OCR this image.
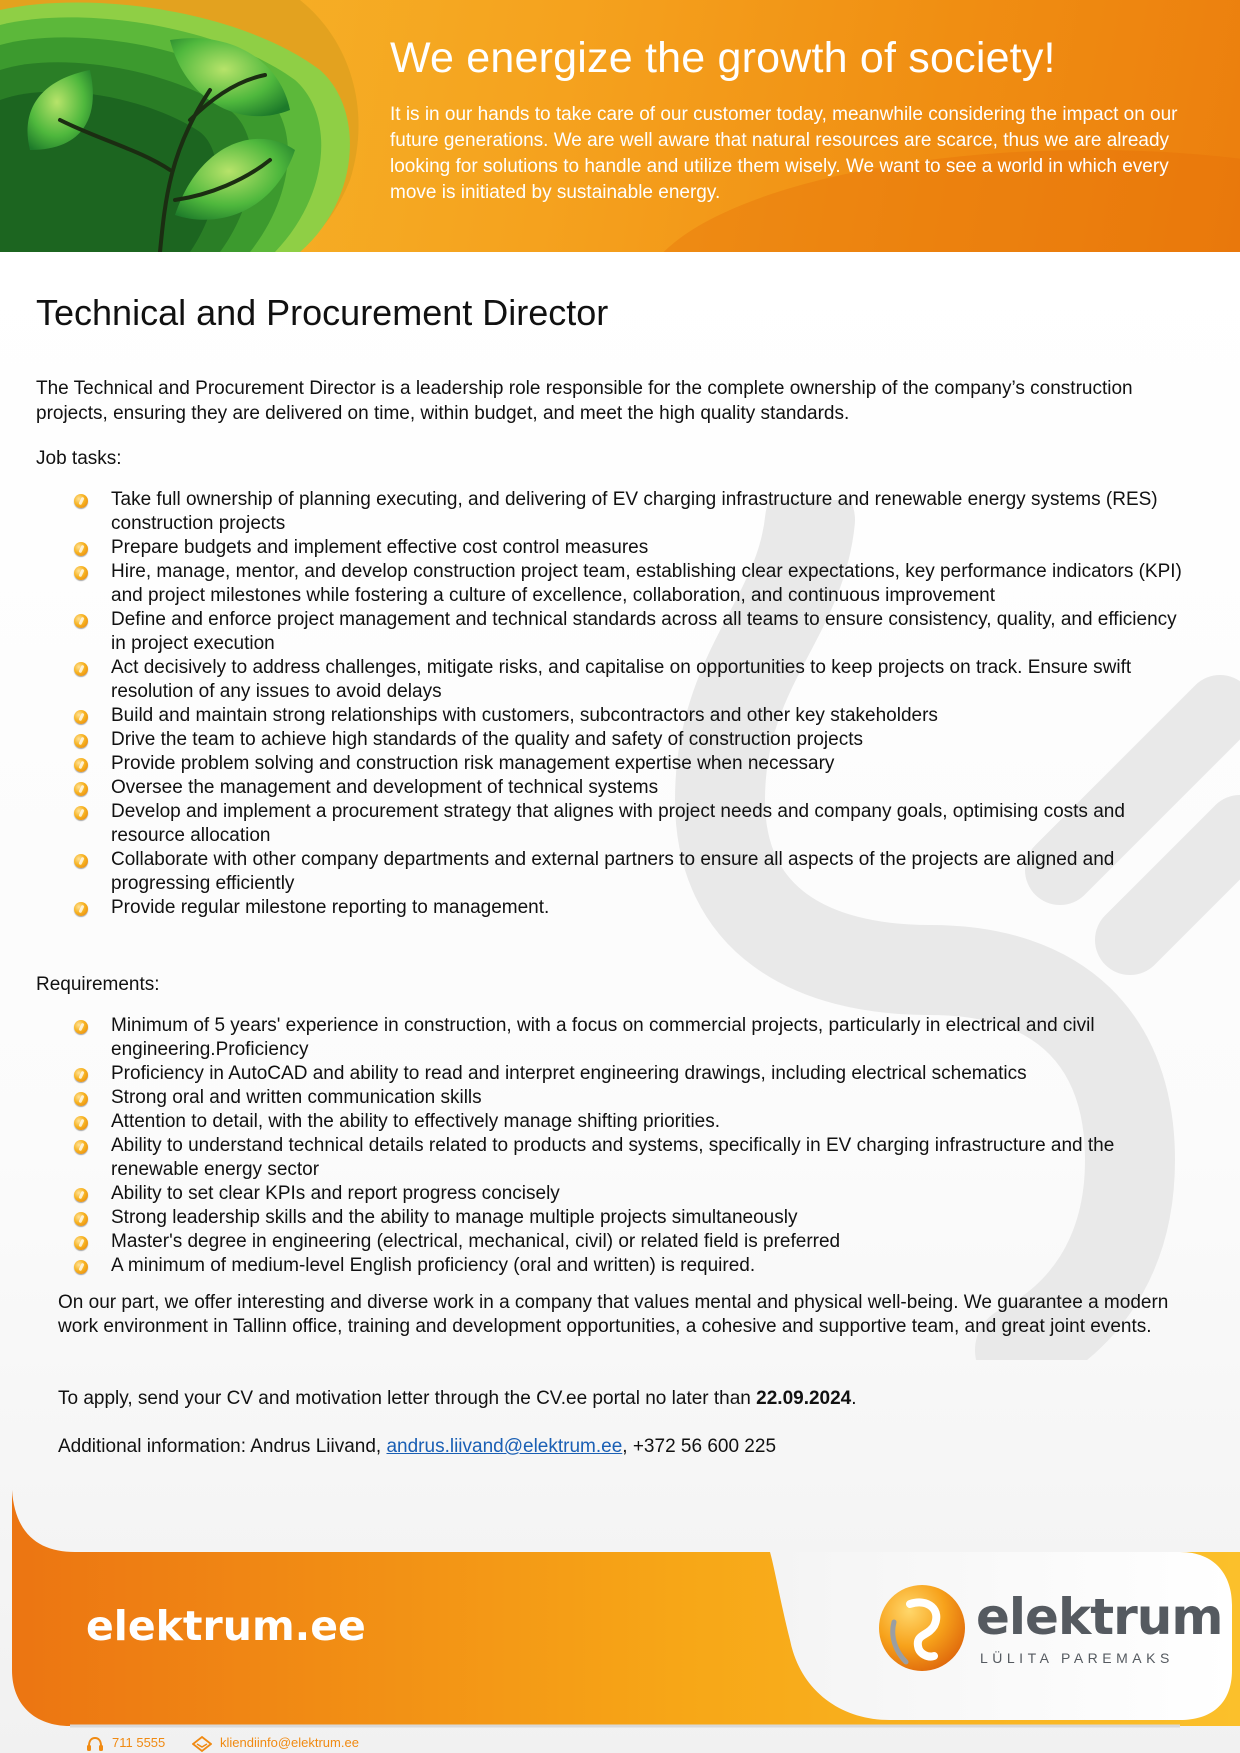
We energize the growth of society!

It is in our hands to take care of our customer today, meanwhile considering the impact on our future generations. We are well aware that natural resources are scarce, thus we are already looking for solutions to handle and utilize them wisely. We want to see a world in which every move is initiated by sustainable energy.

Technical and Procurement Director

The Technical and Procurement Director is a leadership role responsible for the complete ownership of the company’s construction projects, ensuring they are delivered on time, within budget, and meet the high quality standards.

Job tasks:

Take full ownership of planning executing, and delivering of EV charging infrastructure and renewable energy systems (RES) construction projects
Prepare budgets and implement effective cost control measures
Hire, manage, mentor, and develop construction project team, establishing clear expectations, key performance indicators (KPI) and project milestones while fostering a culture of excellence, collaboration, and continuous improvement
Define and enforce project management and technical standards across all teams to ensure consistency, quality, and efficiency in project execution
Act decisively to address challenges, mitigate risks, and capitalise on opportunities to keep projects on track. Ensure swift resolution of any issues to avoid delays
Build and maintain strong relationships with customers, subcontractors and other key stakeholders
Drive the team to achieve high standards of the quality and safety of construction projects
Provide problem solving and construction risk management expertise when necessary
Oversee the management and development of technical systems
Develop and implement a procurement strategy that alignes with project needs and company goals, optimising costs and resource allocation
Collaborate with other company departments and external partners to ensure all aspects of the projects are aligned and progressing efficiently
Provide regular milestone reporting to management.

Requirements:

Minimum of 5 years' experience in construction, with a focus on commercial projects, particularly in electrical and civil engineering.Proficiency
Proficiency in AutoCAD and ability to read and interpret engineering drawings, including electrical schematics
Strong oral and written communication skills
Attention to detail, with the ability to effectively manage shifting priorities.
Ability to understand technical details related to products and systems, specifically in EV charging infrastructure and the renewable energy sector
Ability to set clear KPIs and report progress concisely
Strong leadership skills and the ability to manage multiple projects simultaneously
Master's degree in engineering (electrical, mechanical, civil) or related field is preferred
A minimum of medium-level English proficiency (oral and written) is required.

On our part, we offer interesting and diverse work in a company that values mental and physical well-being. We guarantee a modern work environment in Tallinn office, training and development opportunities, a cohesive and supportive team, and great joint events.

To apply, send your CV and motivation letter through the CV.ee portal no later than 22.09.2024.

Additional information: Andrus Liivand, andrus.liivand@elektrum.ee, +372 56 600 225

elektrum.ee	elektrum

LÜLITA PAREMAKS

711 5555	kliendiinfo@elektrum.ee
